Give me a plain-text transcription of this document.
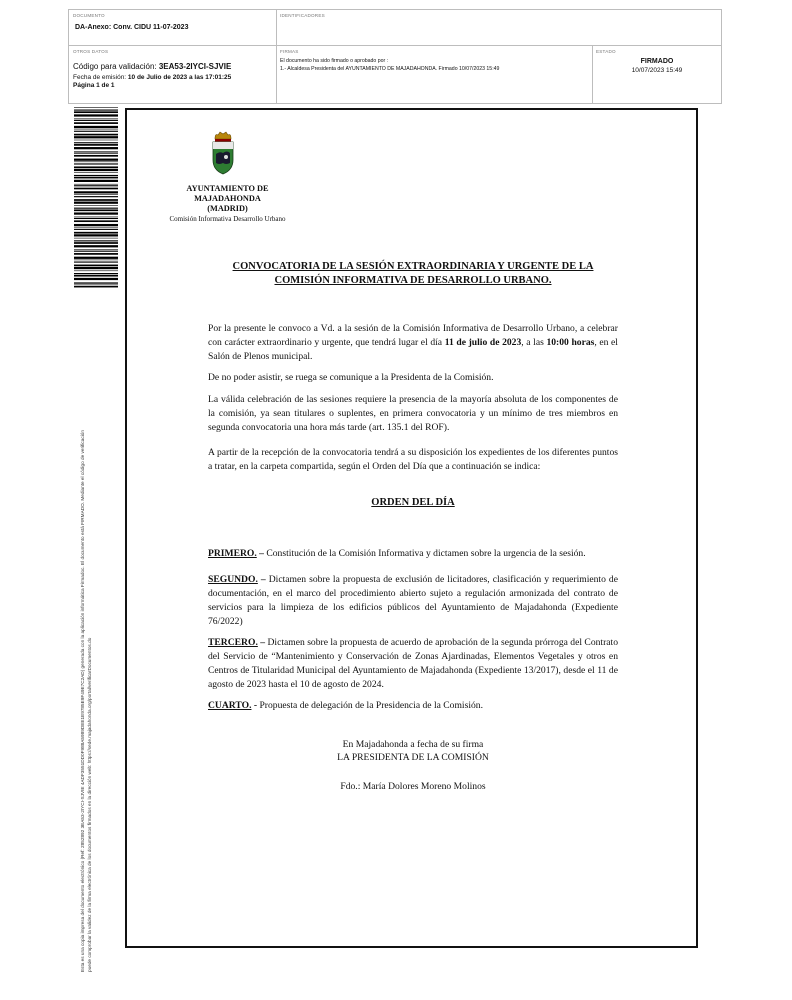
DOCUMENTO
DA-Anexo: Conv. CIDU 11-07-2023
IDENTIFICADORES
OTROS DATOS
Código para validación: 3EA53-2IYCI-SJVIE
Fecha de emisión: 10 de Julio de 2023 a las 17:01:25
Página 1 de 1
FIRMAS
El documento ha sido firmado o aprobado por :
1.- Alcaldesa Presidenta del AYUNTAMIENTO DE MAJADAHONDA. Firmado 10/07/2023 15:49
ESTADO
FIRMADO
10/07/2023 15:49
Esta es una copia impresa del documento electrónico (Ref: 2852892 3EA53-2IYCI-SJVIE 4ADF3551DD0F988A5989DEE1E9785E9F49E7C2AD) generada con la aplicación informática Firmadoc. El documento está FIRMADO. Mediante el código de verificación puede comprobar la validez de la firma electrónica de los documentos firmados en la dirección web: https://sede.majadahonda.org/portal/verificarDocumentos.do
AYUNTAMIENTO DE
MAJADAHONDA
(MADRID)
Comisión Informativa Desarrollo Urbano
CONVOCATORIA DE LA SESIÓN EXTRAORDINARIA Y URGENTE DE LA
COMISIÓN INFORMATIVA DE DESARROLLO URBANO.
Por la presente le convoco a Vd. a la sesión de la Comisión Informativa de Desarrollo Urbano, a celebrar con carácter extraordinario y urgente, que tendrá lugar el día 11 de julio de 2023, a las 10:00 horas, en el Salón de Plenos municipal.
De no poder asistir, se ruega se comunique a la Presidenta de la Comisión.
La válida celebración de las sesiones requiere la presencia de la mayoría absoluta de los componentes de la comisión, ya sean titulares o suplentes, en primera convocatoria y un mínimo de tres miembros en segunda convocatoria una hora más tarde (art. 135.1 del ROF).
A partir de la recepción de la convocatoria tendrá a su disposición los expedientes de los diferentes puntos a tratar, en la carpeta compartida, según el Orden del Día que a continuación se indica:
ORDEN DEL DÍA
PRIMERO. – Constitución de la Comisión Informativa y dictamen sobre la urgencia de la sesión.
SEGUNDO. – Dictamen sobre la propuesta de exclusión de licitadores, clasificación y requerimiento de documentación, en el marco del procedimiento abierto sujeto a regulación armonizada del contrato de servicios para la limpieza de los edificios públicos del Ayuntamiento de Majadahonda (Expediente 76/2022)
TERCERO. – Dictamen sobre la propuesta de acuerdo de aprobación de la segunda prórroga del Contrato del Servicio de “Mantenimiento y Conservación de Zonas Ajardinadas, Elementos Vegetales y otros en Centros de Titularidad Municipal del Ayuntamiento de Majadahonda (Expediente 13/2017), desde el 11 de agosto de 2023 hasta el 10 de agosto de 2024.
CUARTO. - Propuesta de delegación de la Presidencia de la Comisión.
En Majadahonda a fecha de su firma
LA PRESIDENTA DE LA COMISIÓN
Fdo.: María Dolores Moreno Molinos
